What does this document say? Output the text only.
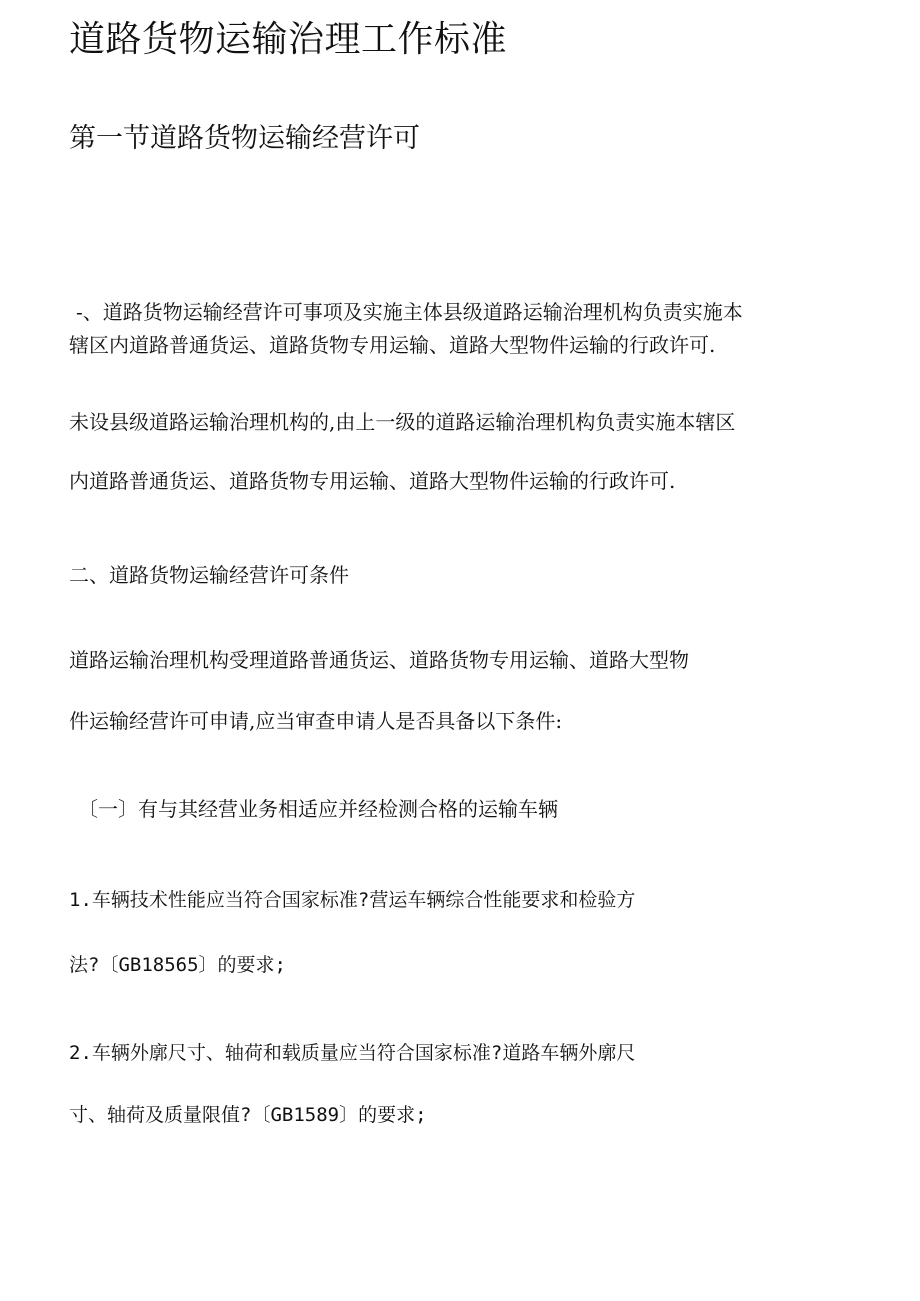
道路货物运输治理工作标准
第一节道路货物运输经营许可

-、道路货物运输经营许可事项及实施主体县级道路运输治理机构负责实施本

辖区内道路普通货运、道路货物专用运输、道路大型物件运输的行政许可.

未设县级道路运输治理机构的,由上一级的道路运输治理机构负责实施本辖区

内道路普通货运、道路货物专用运输、道路大型物件运输的行政许可.

二、道路货物运输经营许可条件

道路运输治理机构受理道路普通货运、道路货物专用运输、道路大型物

件运输经营许可申请,应当审查申请人是否具备以下条件:

〔一〕有与其经营业务相适应并经检测合格的运输车辆

1.车辆技术性能应当符合国家标准?营运车辆综合性能要求和检验方

法?〔GB18565〕的要求;

2.车辆外廓尺寸、轴荷和载质量应当符合国家标准?道路车辆外廓尺

寸、轴荷及质量限值?〔GB1589〕的要求;
